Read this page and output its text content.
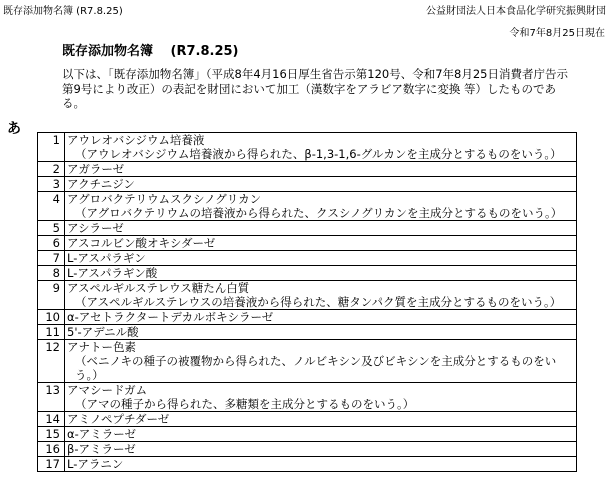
既存添加物名簿 (R7.8.25)	公益財団法人日本食品化学研究振興財団
令和7年8月25日現在
既存添加物名簿　 (R7.8.25)
以下は、「既存添加物名簿」（平成8年4月16日厚生省告示第120号、令和7年8月25日消費者庁告示第9号により改正）の表記を財団において加工（漢数字をアラビア数字に変換 等）したものである。
あ
1	アウレオバシジウム培養液
（アウレオバシジウム培養液から得られた、β-1,3-1,6-グルカンを主成分とするものをいう。）

2	アガラーゼ
3	アクチニジン
4	アグロバクテリウムスクシノグリカン
（アグロバクテリウムの培養液から得られた、クスシノグリカンを主成分とするものをいう。）

5	アシラーゼ
6	アスコルビン酸オキシダーゼ
7	L-アスパラギン
8	L-アスパラギン酸
9	アスペルギルステレウス糖たん白質
（アスペルギルステレウスの培養液から得られた、糖タンパク質を主成分とするものをいう。）

10	α-アセトラクタートデカルボキシラーゼ
11	5'-アデニル酸
12	アナトー色素
（ベニノキの種子の被覆物から得られた、ノルビキシン及びビキシンを主成分とするものをいう。）

13	アマシードガム
（アマの種子から得られた、多糖類を主成分とするものをいう。）

14	アミノペプチダーゼ
15	α-アミラーゼ
16	β-アミラーゼ
17	L-アラニン
